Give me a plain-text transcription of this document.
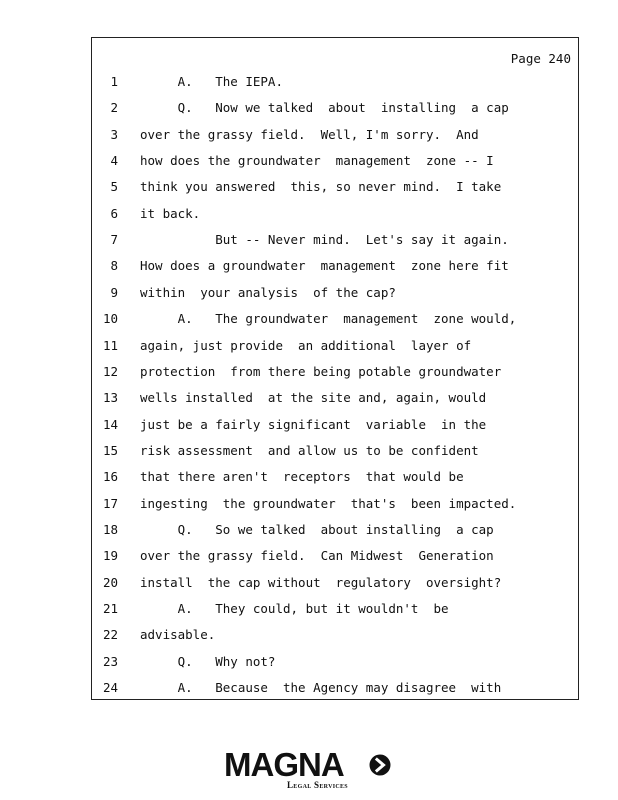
Page 240
1 A.   The IEPA.
2 Q.   Now we talked  about  installing  a cap
3 over the grassy field.  Well, I'm sorry.  And
4 how does the groundwater  management  zone -- I
5 think you answered  this, so never mind.  I take
6 it back.
7 But -- Never mind.  Let's say it again.
8 How does a groundwater  management  zone here fit
9 within  your analysis  of the cap?
10 A.   The groundwater  management  zone would,
11 again, just provide  an additional  layer of
12 protection  from there being potable groundwater
13 wells installed  at the site and, again, would
14 just be a fairly significant  variable  in the
15 risk assessment  and allow us to be confident
16 that there aren't  receptors  that would be
17 ingesting  the groundwater  that's  been impacted.
18 Q.   So we talked  about installing  a cap
19 over the grassy field.  Can Midwest  Generation
20 install  the cap without  regulatory  oversight?
21 A.   They could, but it wouldn't  be
22 advisable.
23 Q.   Why not?
24 A.   Because  the Agency may disagree  with
MAGNA
Legal Services
